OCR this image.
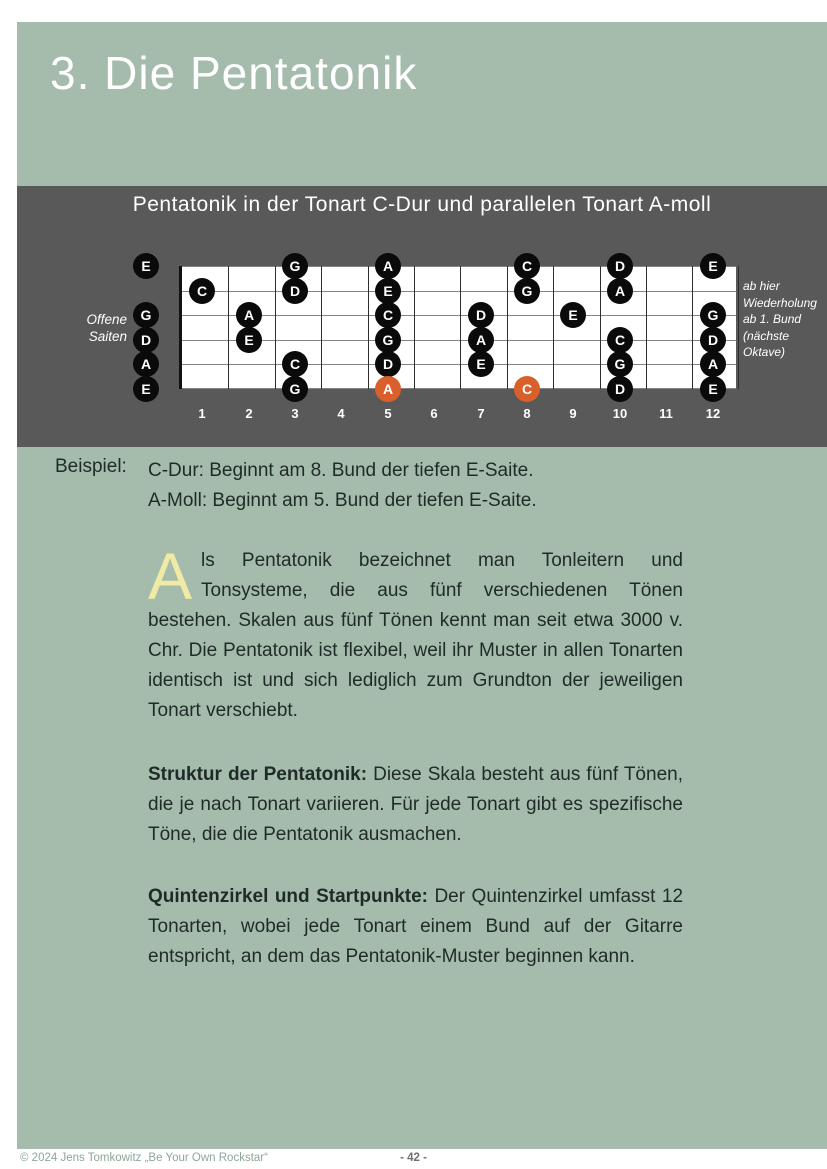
3. Die Pentatonik
Pentatonik in der Tonart C-Dur und parallelen Tonart A-moll
E
G
D
A
E
G	A	C	D	E
C	D	E	G	A
A	C	D	E	G
E	G	A	C	D
C	D	E	G	A
G	A	C	D	E
1	2	3	4	5	6	7	8	9	10	11	12
Offene
Saiten
ab hier
Wiederholung
ab 1. Bund
(nächste
Oktave)
Beispiel:	C-Dur: Beginnt am 8. Bund der tiefen E-Saite.
A-Moll: Beginnt am 5. Bund der tiefen E-Saite.

Als Pentatonik bezeichnet man Tonleitern und Tonsysteme, die aus fünf verschiedenen Tönen bestehen. Skalen aus fünf Tönen kennt man seit etwa 3000 v. Chr. Die Pentatonik ist flexibel, weil ihr Muster in allen Tonarten identisch ist und sich lediglich zum Grundton der jeweiligen Tonart verschiebt.

Struktur der Pentatonik: Diese Skala besteht aus fünf Tönen, die je nach Tonart variieren. Für jede Tonart gibt es spezifische Töne, die die Pentatonik ausmachen.

Quintenzirkel und Startpunkte: Der Quintenzirkel umfasst 12 Tonarten, wobei jede Tonart einem Bund auf der Gitarre entspricht, an dem das Pentatonik-Muster beginnen kann.

© 2024 Jens Tomkowitz „Be Your Own Rockstar“	- 42 -
